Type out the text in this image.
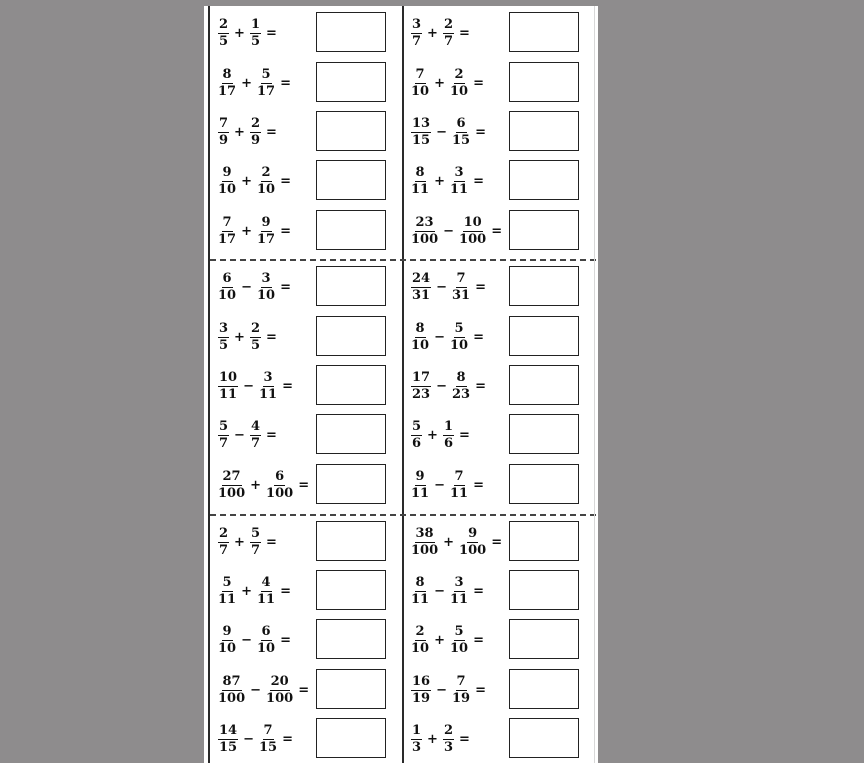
$\frac{2}{5} + \frac{1}{5}$ =
$\frac{8}{17} + \frac{5}{17}$ =
$\frac{7}{9} + \frac{2}{9}$ =
$\frac{9}{10} + \frac{2}{10}$ =
$\frac{7}{17} + \frac{9}{17}$ =
$\frac{6}{10} - \frac{3}{10}$ =
$\frac{3}{5} + \frac{2}{5}$ =
$\frac{10}{11} - \frac{3}{11}$ =
$\frac{5}{7} - \frac{4}{7}$ =
$\frac{27}{100} + \frac{6}{100}$ =
$\frac{2}{7} + \frac{5}{7}$ =
$\frac{5}{11} + \frac{4}{11}$ =
$\frac{9}{10} - \frac{6}{10}$ =
$\frac{87}{100} - \frac{20}{100}$ =
$\frac{14}{15} - \frac{7}{15}$ =
$\frac{3}{7} + \frac{2}{7}$ =
$\frac{7}{10} + \frac{2}{10}$ =
$\frac{13}{15} - \frac{6}{15}$ =
$\frac{8}{11} + \frac{3}{11}$ =
$\frac{23}{100} - \frac{10}{100}$ =
$\frac{24}{31} - \frac{7}{31}$ =
$\frac{8}{10} - \frac{5}{10}$ =
$\frac{17}{23} - \frac{8}{23}$ =
$\frac{5}{6} + \frac{1}{6}$ =
$\frac{9}{11} - \frac{7}{11}$ =
$\frac{38}{100} + \frac{9}{100}$ =
$\frac{8}{11} - \frac{3}{11}$ =
$\frac{2}{10} + \frac{5}{10}$ =
$\frac{16}{19} - \frac{7}{19}$ =
$\frac{1}{3} + \frac{2}{3}$ =
